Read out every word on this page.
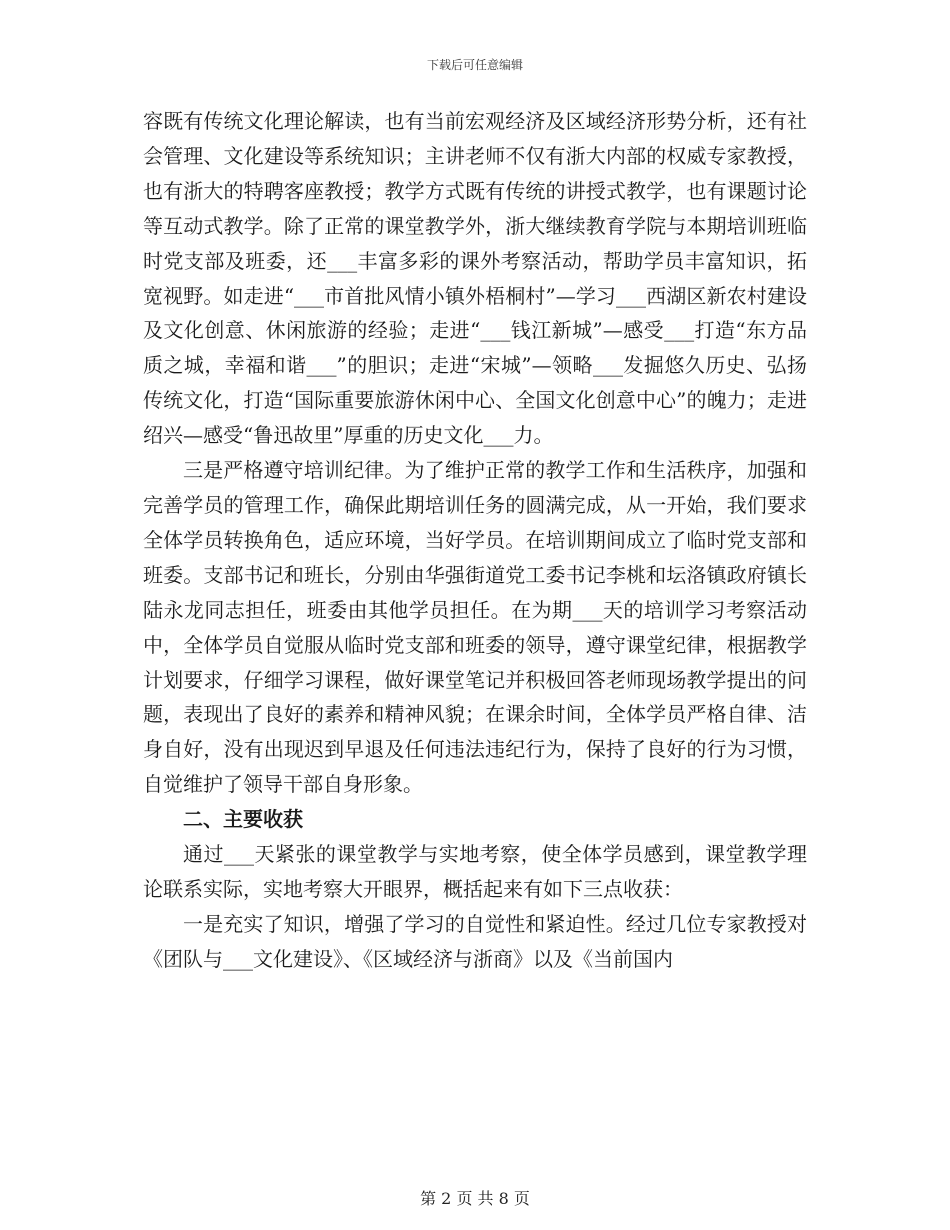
下载后可任意编辑

容既有传统文化理论解读，也有当前宏观经济及区域经济形势分析，还有社会管理、文化建设等系统知识；主讲老师不仅有浙大内部的权威专家教授，也有浙大的特聘客座教授；教学方式既有传统的讲授式教学，也有课题讨论等互动式教学。除了正常的课堂教学外，浙大继续教育学院与本期培训班临时党支部及班委，还___丰富多彩的课外考察活动，帮助学员丰富知识，拓宽视野。如走进“___市首批风情小镇外梧桐村”—学习___西湖区新农村建设及文化创意、休闲旅游的经验；走进“___钱江新城”—感受___打造“东方品质之城，幸福和谐___”的胆识；走进“宋城”—领略___发掘悠久历史、弘扬传统文化，打造“国际重要旅游休闲中心、全国文化创意中心”的魄力；走进绍兴—感受“鲁迅故里”厚重的历史文化___力。

三是严格遵守培训纪律。为了维护正常的教学工作和生活秩序，加强和完善学员的管理工作，确保此期培训任务的圆满完成，从一开始，我们要求全体学员转换角色，适应环境，当好学员。在培训期间成立了临时党支部和班委。支部书记和班长，分别由华强街道党工委书记李桃和坛洛镇政府镇长陆永龙同志担任，班委由其他学员担任。在为期___天的培训学习考察活动中，全体学员自觉服从临时党支部和班委的领导，遵守课堂纪律，根据教学计划要求，仔细学习课程，做好课堂笔记并积极回答老师现场教学提出的问题，表现出了良好的素养和精神风貌；在课余时间，全体学员严格自律、洁身自好，没有出现迟到早退及任何违法违纪行为，保持了良好的行为习惯，自觉维护了领导干部自身形象。

二、主要收获

通过___天紧张的课堂教学与实地考察，使全体学员感到，课堂教学理论联系实际，实地考察大开眼界，概括起来有如下三点收获：

一是充实了知识，增强了学习的自觉性和紧迫性。经过几位专家教授对《团队与___文化建设》、《区域经济与浙商》以及《当前国内

第 2 页 共 8 页
